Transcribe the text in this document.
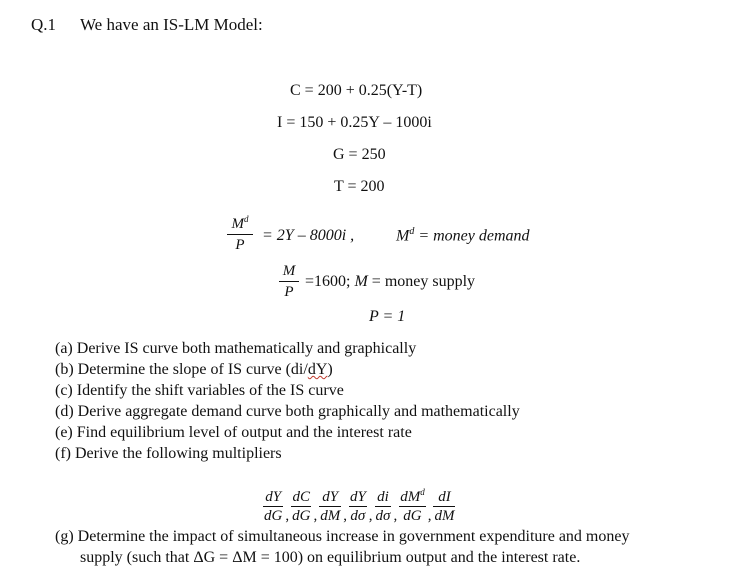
Q.1 We have an IS-LM Model:
C = 200 + 0.25(Y-T)
I = 150 + 0.25Y – 1000i
G = 250
T = 200
$M^d$
P
= 2Y – 8000i ,	$M^d$ = money demand
M
P
=1600; M = money supply
P = 1
(a) Derive IS curve both mathematically and graphically
(b) Determine the slope of IS curve (di/dY)
(c) Identify the shift variables of the IS curve
(d) Derive aggregate demand curve both graphically and mathematically
(e) Find equilibrium level of output and the interest rate
(f) Derive the following multipliers
$\frac{dY}{dG}$ , $\frac{dC}{dG}$ , $\frac{dY}{dM}$ , $\frac{dY}{d\sigma}$ , $\frac{di}{d\sigma}$ , $\frac{dM^d}{dG}$ , $\frac{dI}{dM}$
(g) Determine the impact of simultaneous increase in government expenditure and money
supply (such that ΔG = ΔM = 100) on equilibrium output and the interest rate.
